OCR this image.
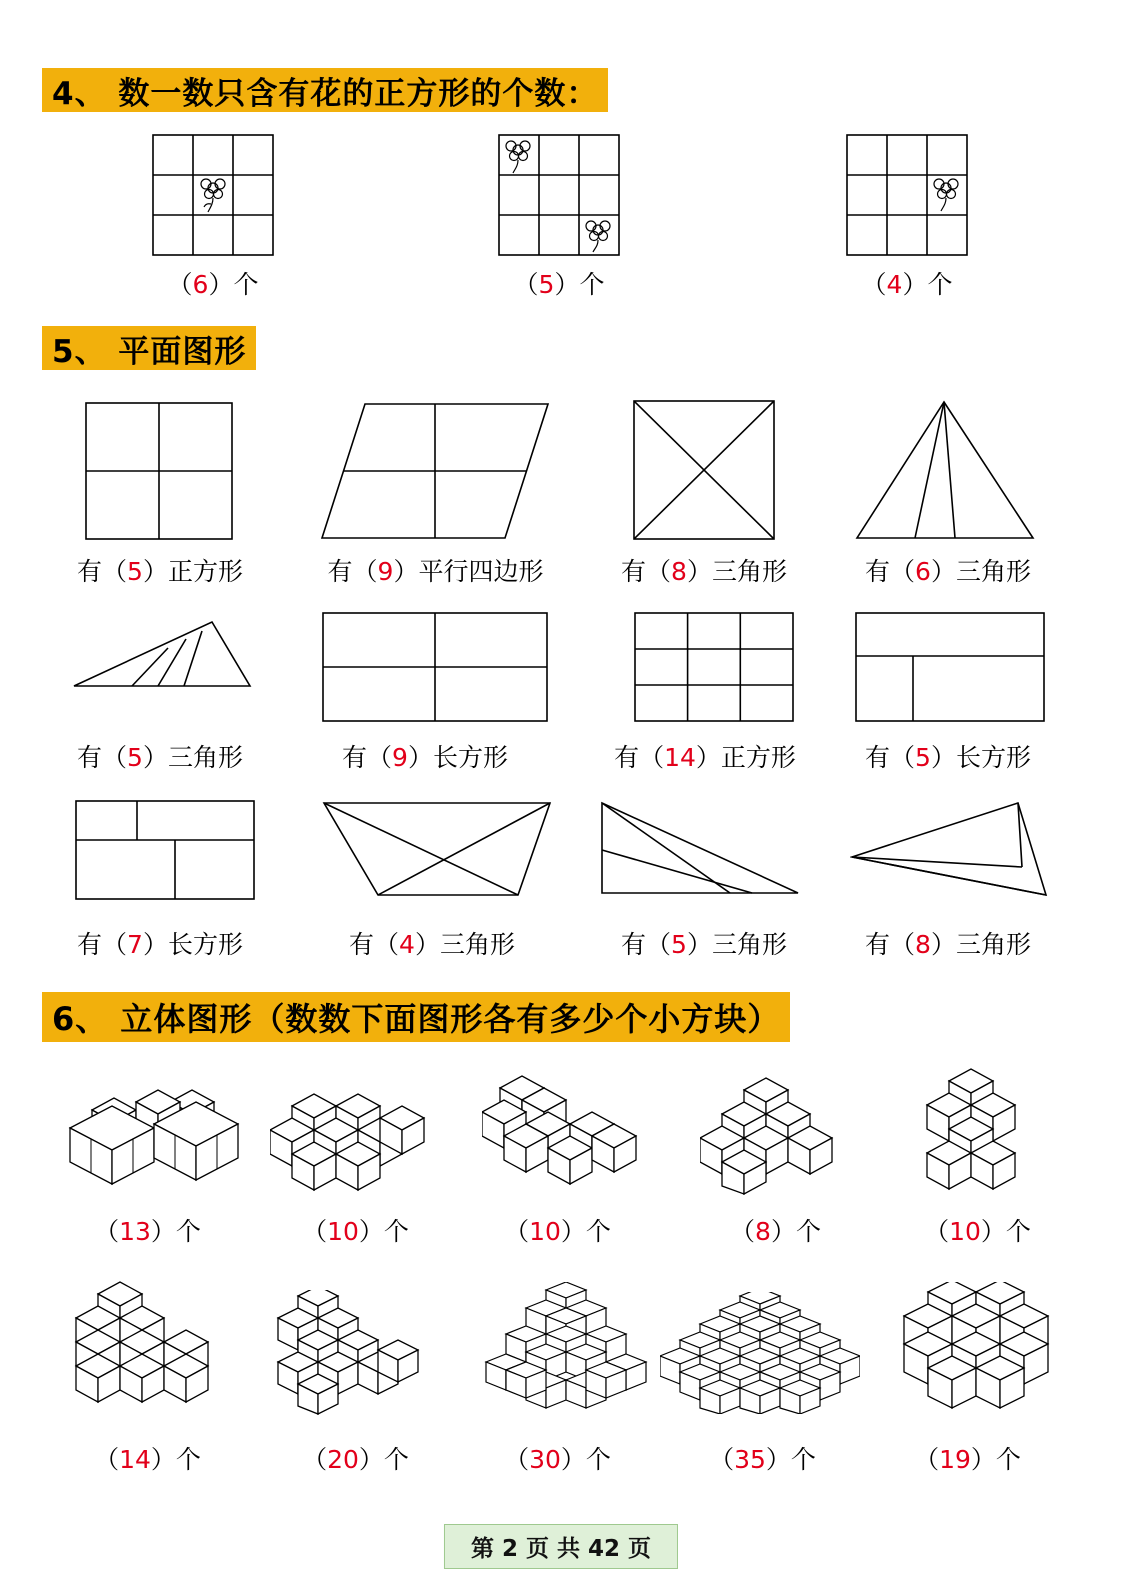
4、 数一数只含有花的正方形的个数：
（6）个	（5）个	（4）个
5、 平面图形
有（5）正方形	有（9）平行四边形	有（8）三角形	有（6）三角形
有（5）三角形	有（9）长方形	有（14）正方形	有（5）长方形
有（7）长方形	有（4）三角形	有（5）三角形	有（8）三角形
6、 立体图形（数数下面图形各有多少个小方块）
（13）个	（10）个	（10）个	（8）个	（10）个
（14）个	（20）个	（30）个	（35）个	（19）个
第 2 页 共 42 页
